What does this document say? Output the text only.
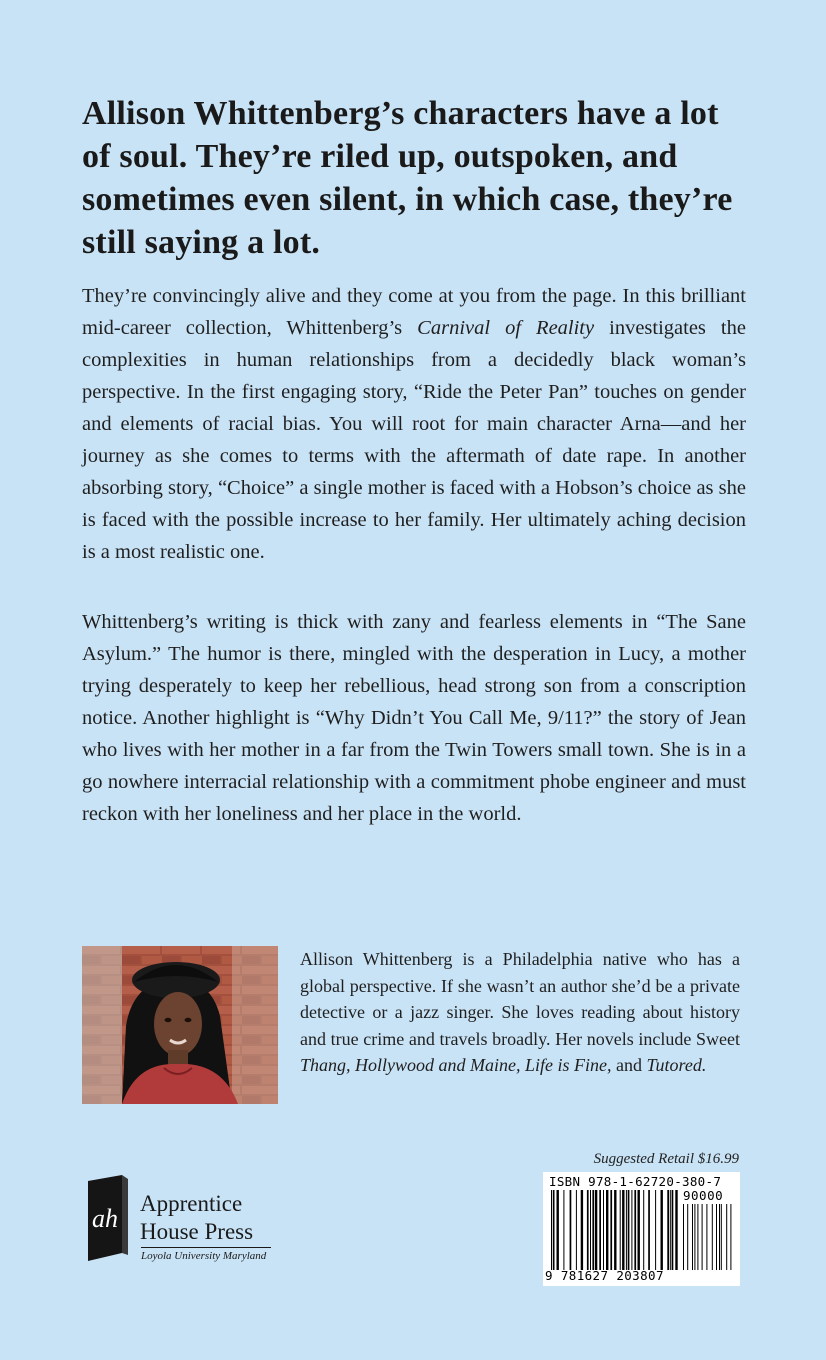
Allison Whittenberg’s characters have a lot of soul. They’re riled up, outspoken, and sometimes even silent, in which case, they’re still saying a lot.

They’re convincingly alive and they come at you from the page. In this brilliant mid-career collection, Whittenberg’s Carnival of Reality investigates the complexities in human relationships from a decidedly black woman’s perspective. In the first engaging story, “Ride the Peter Pan” touches on gender and elements of racial bias. You will root for main character Arna—and her journey as she comes to terms with the aftermath of date rape. In another absorbing story, “Choice” a single mother is faced with a Hobson’s choice as she is faced with the possible increase to her family. Her ultimately aching decision is a most realistic one.

Whittenberg’s writing is thick with zany and fearless elements in “The Sane Asylum.” The humor is there, mingled with the desperation in Lucy, a mother trying desperately to keep her rebellious, head strong son from a conscription notice. Another highlight is “Why Didn’t You Call Me, 9/11?” the story of Jean who lives with her mother in a far from the Twin Towers small town. She is in a go nowhere interracial relationship with a commitment phobe engineer and must reckon with her loneliness and her place in the world.

Allison Whittenberg is a Philadelphia native who has a global perspective. If she wasn’t an author she’d be a private detective or a jazz singer. She loves reading about history and true crime and travels broadly. Her novels include Sweet Thang, Hollywood and Maine, Life is Fine, and Tutored.

ah

Apprentice
House Press

Loyola University Maryland

Suggested Retail $16.99
ISBN 978-1-62720-380-7
90000
9 781627 203807
